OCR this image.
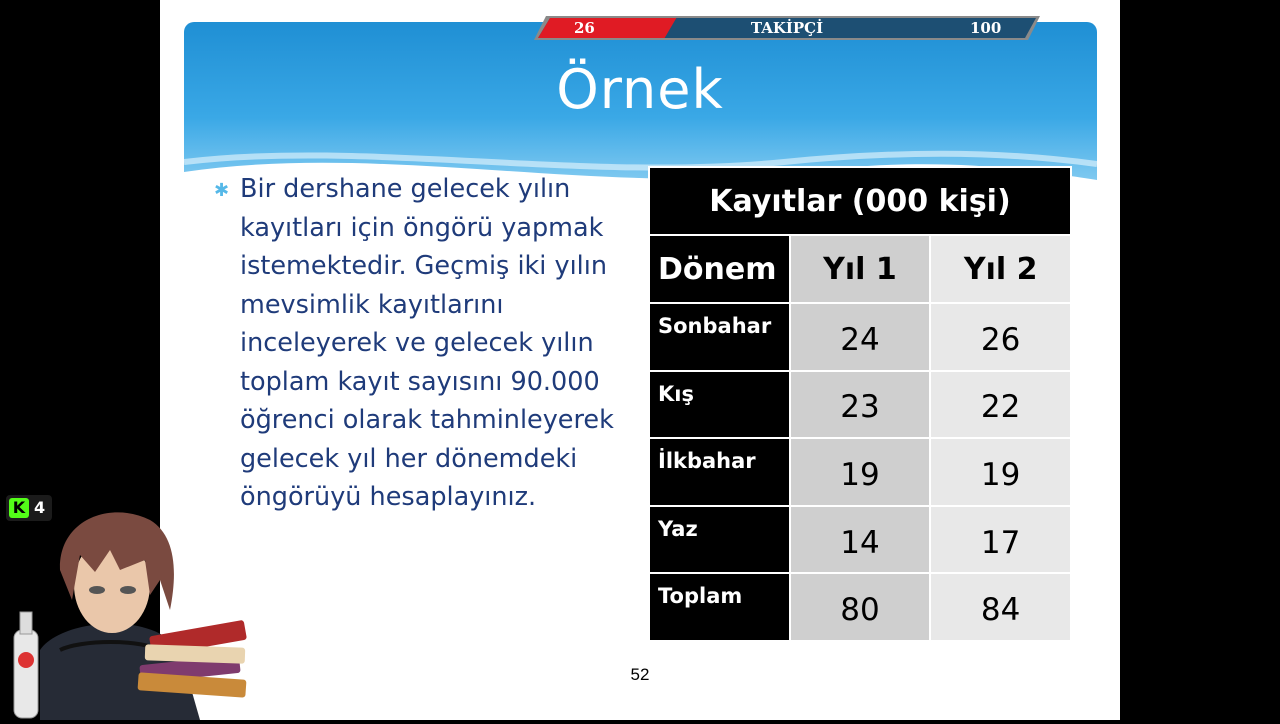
Örnek
26	TAKİPÇİ	100
✱ Bir dershane gelecek yılın kayıtları için öngörü yapmak istemektedir. Geçmiş iki yılın mevsimlik kayıtlarını inceleyerek ve gelecek yılın toplam kayıt sayısını 90.000 öğrenci olarak tahminleyerek gelecek yıl her dönemdeki öngörüyü hesaplayınız.
Kayıtlar (000 kişi)		
Dönem	Yıl 1	Yıl 2
Sonbahar	24	26
Kış	23	22
İlkbahar	19	19
Yaz	14	17
Toplam	80	84
52
K 4
